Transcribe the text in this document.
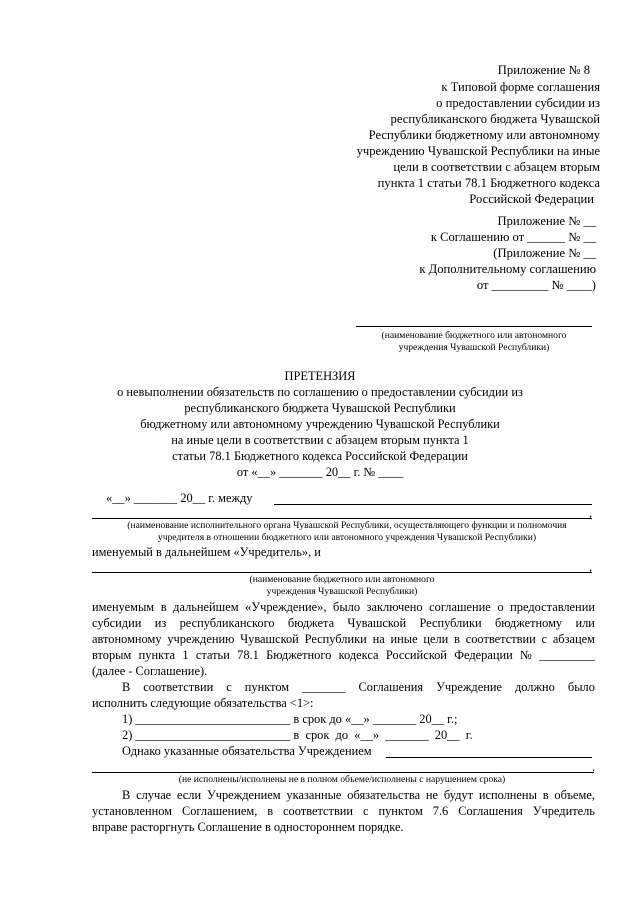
Приложение № 8
к Типовой форме соглашения
о предоставлении субсидии из
республиканского бюджета Чувашской
Республики бюджетному или автономному
учреждению Чувашской Республики на иные
цели в соответствии с абзацем вторым
пункта 1 статьи 78.1 Бюджетного кодекса
Российской Федерации
Приложение № __
к Соглашению от ______ № __
(Приложение № __
к Дополнительному соглашению
от _________ № ____)
(наименование бюджетного или автономного
учреждения Чувашской Республики)
ПРЕТЕНЗИЯ
о невыполнении обязательств по соглашению о предоставлении субсидии из
республиканского бюджета Чувашской Республики
бюджетному или автономному учреждению Чувашской Республики
на иные цели в соответствии с абзацем вторым пункта 1
статьи 78.1 Бюджетного кодекса Российской Федерации
от «__» _______ 20__ г. № ____
«__» _______ 20__ г. между
,
(наименование исполнительного органа Чувашской Республики, осуществляющего функции и полномочия
учредителя в отношении бюджетного или автономного учреждения Чувашской Республики)
именуемый в дальнейшем «Учредитель», и
,
(наименование бюджетного или автономного
учреждения Чувашской Республики)
именуемым в дальнейшем «Учреждение», было заключено соглашение о предоставлении
субсидии из республиканского бюджета Чувашской Республики бюджетному или
автономному учреждению Чувашской Республики на иные цели в соответствии с абзацем
вторым пункта 1 статьи 78.1 Бюджетного кодекса Российской Федерации № _________
(далее - Соглашение).
В соответствии с пунктом _______ Соглашения Учреждение должно было
исполнить следующие обязательства <1>:
1) _________________________ в срок до «__» _______ 20__ г.;
2) _________________________ в  срок  до  «__»  _______  20__  г.
Однако указанные обязательства Учреждением
.
(не исполнены/исполнены не в полном объеме/исполнены с нарушением срока)
В случае если Учреждением указанные обязательства не будут исполнены в объеме,
установленном Соглашением, в соответствии с пунктом 7.6 Соглашения Учредитель
вправе расторгнуть Соглашение в одностороннем порядке.
